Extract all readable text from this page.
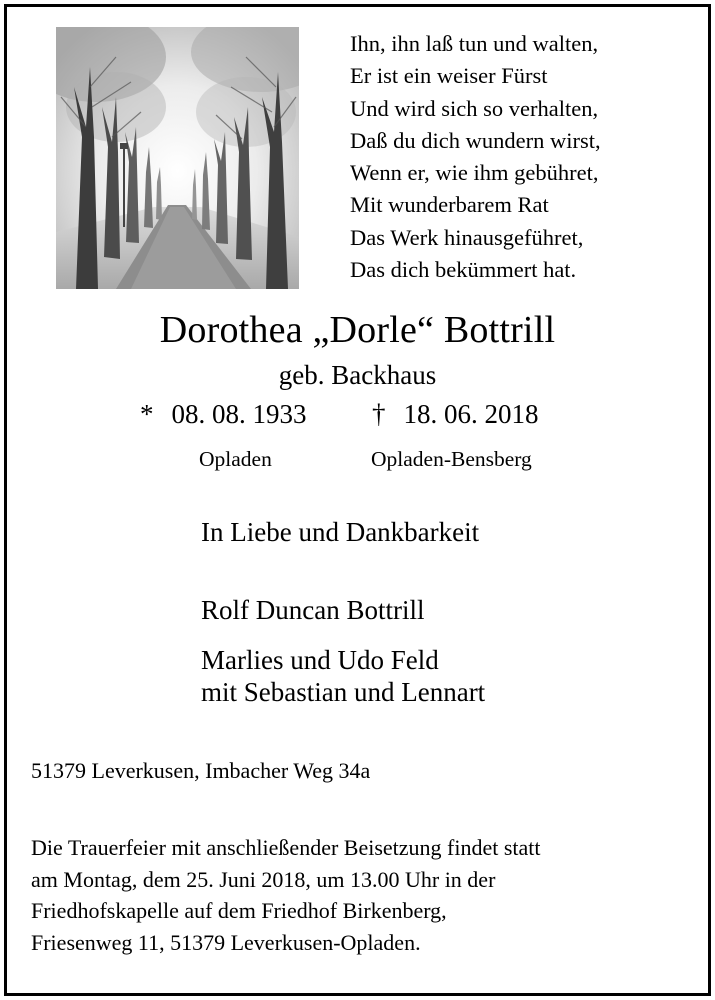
Ihn, ihn laß tun und walten,
Er ist ein weiser Fürst
Und wird sich so verhalten,
Daß du dich wundern wirst,
Wenn er, wie ihm gebühret,
Mit wunderbarem Rat
Das Werk hinausgeführet,
Das dich bekümmert hat.
Dorothea „Dorle“ Bottrill
geb. Backhaus
* 08. 08. 1933 † 18. 06. 2018
Opladen	Opladen-Bensberg
In Liebe und Dankbarkeit
Rolf Duncan Bottrill
Marlies und Udo Feld
mit Sebastian und Lennart
51379 Leverkusen, Imbacher Weg 34a
Die Trauerfeier mit anschließender Beisetzung findet statt
am Montag, dem 25. Juni 2018, um 13.00 Uhr in der
Friedhofskapelle auf dem Friedhof Birkenberg,
Friesenweg 11, 51379 Leverkusen-Opladen.
